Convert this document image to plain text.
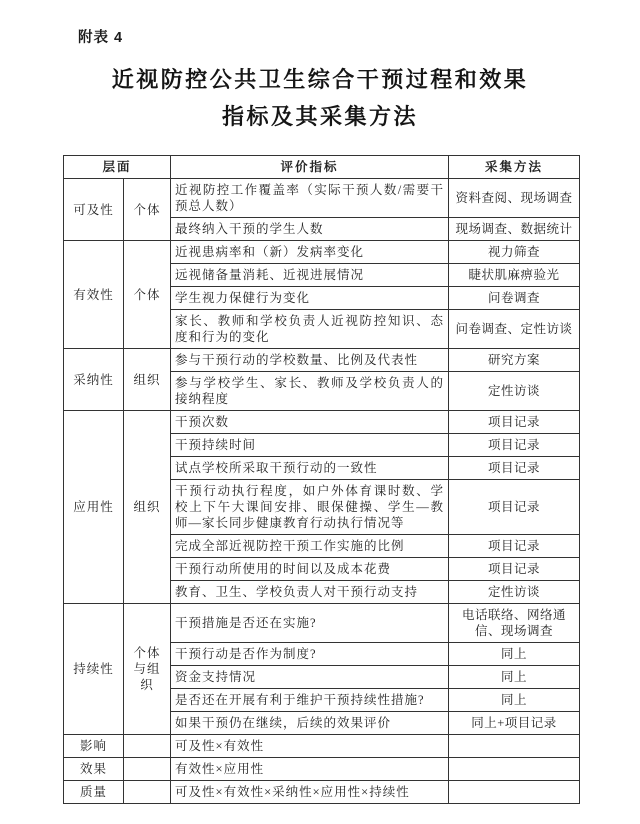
附表 4
近视防控公共卫生综合干预过程和效果
指标及其采集方法
层面		评价指标	采集方法
可及性	个体	近视防控工作覆盖率（实际干预人数/需要干预总人数）	资料查阅、现场调查
		最终纳入干预的学生人数	现场调查、数据统计
有效性	个体	近视患病率和（新）发病率变化	视力筛查
		远视储备量消耗、近视进展情况	睫状肌麻痹验光
		学生视力保健行为变化	问卷调查
		家长、教师和学校负责人近视防控知识、态度和行为的变化	问卷调查、定性访谈
采纳性	组织	参与干预行动的学校数量、比例及代表性	研究方案
		参与学校学生、家长、教师及学校负责人的接纳程度	定性访谈
应用性	组织	干预次数	项目记录
		干预持续时间	项目记录
		试点学校所采取干预行动的一致性	项目记录
		干预行动执行程度，如户外体育课时数、学校上下午大课间安排、眼保健操、学生—教师—家长同步健康教育行动执行情况等	项目记录
		完成全部近视防控干预工作实施的比例	项目记录
		干预行动所使用的时间以及成本花费	项目记录
		教育、卫生、学校负责人对干预行动支持	定性访谈
持续性	个体与组织	干预措施是否还在实施?	电话联络、网络通信、现场调查
		干预行动是否作为制度?	同上
		资金支持情况	同上
		是否还在开展有利于维护干预持续性措施?	同上
		如果干预仍在继续，后续的效果评价	同上+项目记录
影响		可及性×有效性	
效果		有效性×应用性	
质量		可及性×有效性×采纳性×应用性×持续性	
